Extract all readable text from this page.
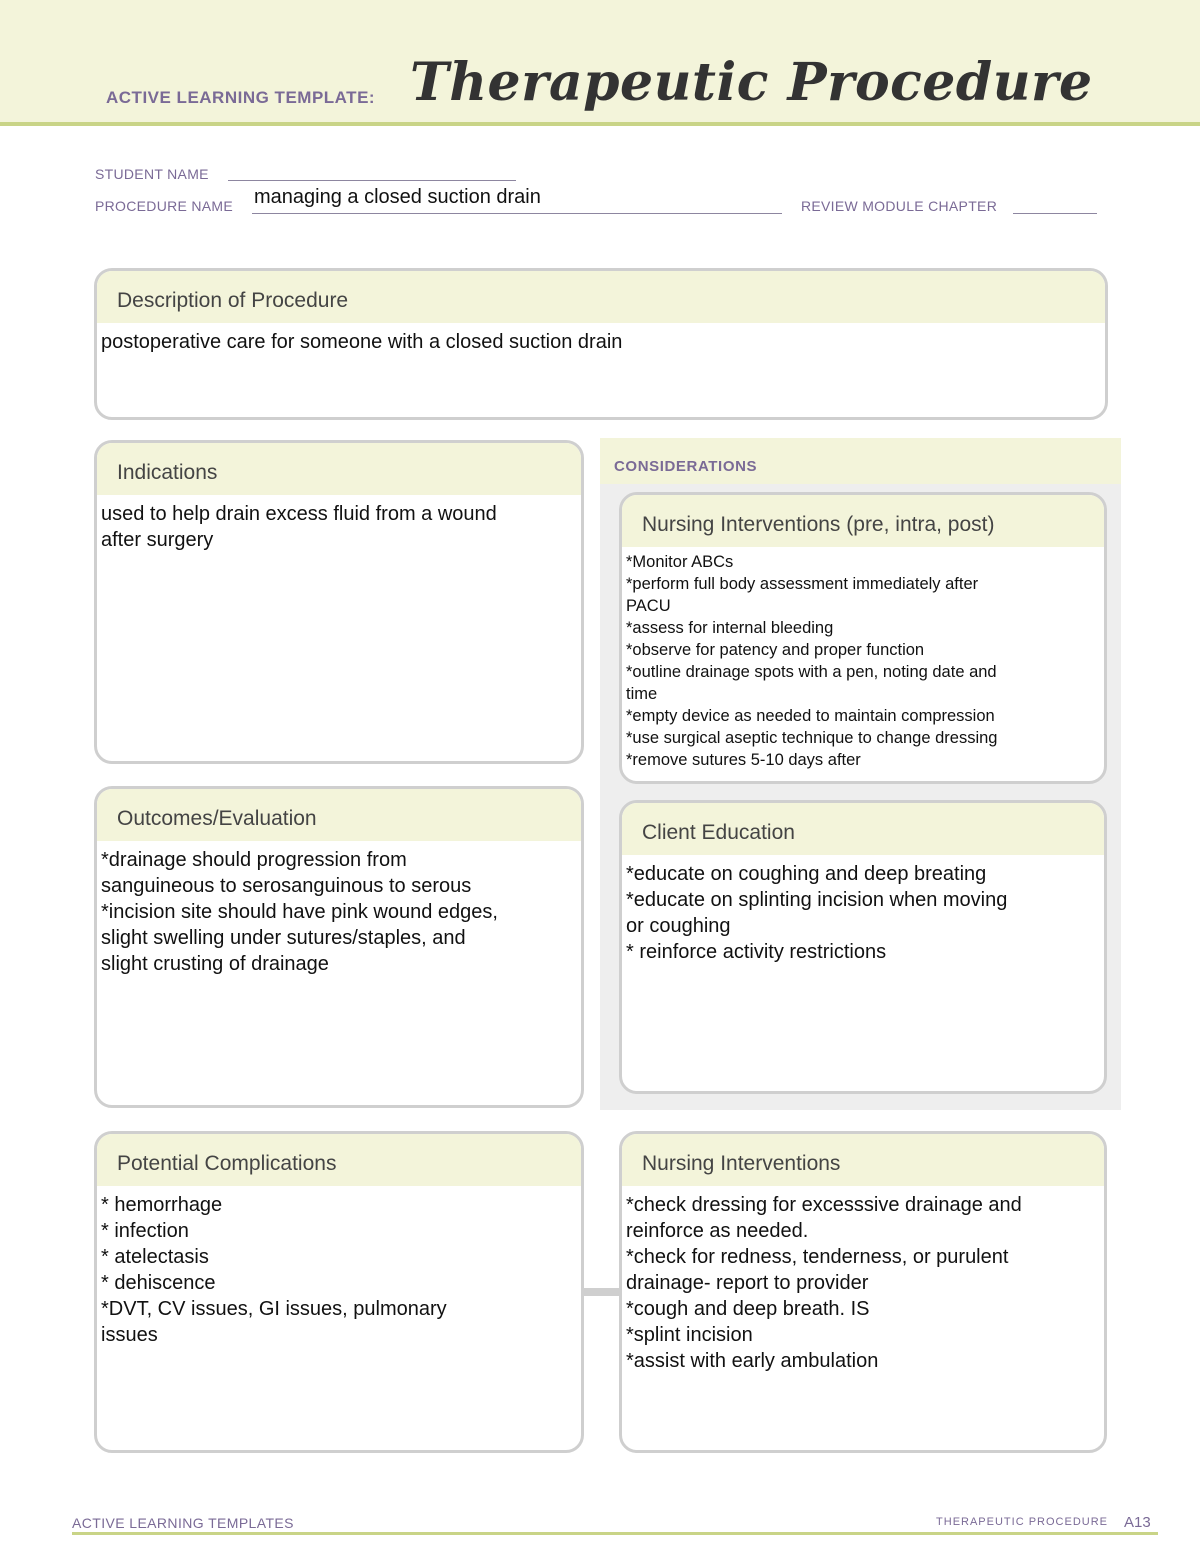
ACTIVE LEARNING TEMPLATE: Therapeutic Procedure
STUDENT NAME
PROCEDURE NAME managing a closed suction drain	REVIEW MODULE CHAPTER
Description of Procedure
postoperative care for someone with a closed suction drain
CONSIDERATIONS
Indications
used to help drain excess fluid from a wound
after surgery
Nursing Interventions (pre, intra, post)
*Monitor ABCs
*perform full body assessment immediately after
PACU
*assess for internal bleeding
*observe for patency and proper function
*outline drainage spots with a pen, noting date and
time
*empty device as needed to maintain compression
*use surgical aseptic technique to change dressing
*remove sutures 5-10 days after
Outcomes/Evaluation
*drainage should progression from
sanguineous to serosanguinous to serous
*incision site should have pink wound edges,
slight swelling under sutures/staples, and
slight crusting of drainage
Client Education
*educate on coughing and deep breating
*educate on splinting incision when moving
or coughing
* reinforce activity restrictions
Potential Complications
* hemorrhage
* infection
* atelectasis
* dehiscence
*DVT, CV issues, GI issues, pulmonary
issues
Nursing Interventions
*check dressing for excesssive drainage and
reinforce as needed.
*check for redness, tenderness, or purulent
drainage- report to provider
*cough and deep breath. IS
*splint incision
*assist with early ambulation
ACTIVE LEARNING TEMPLATES	THERAPEUTIC PROCEDURE A13
